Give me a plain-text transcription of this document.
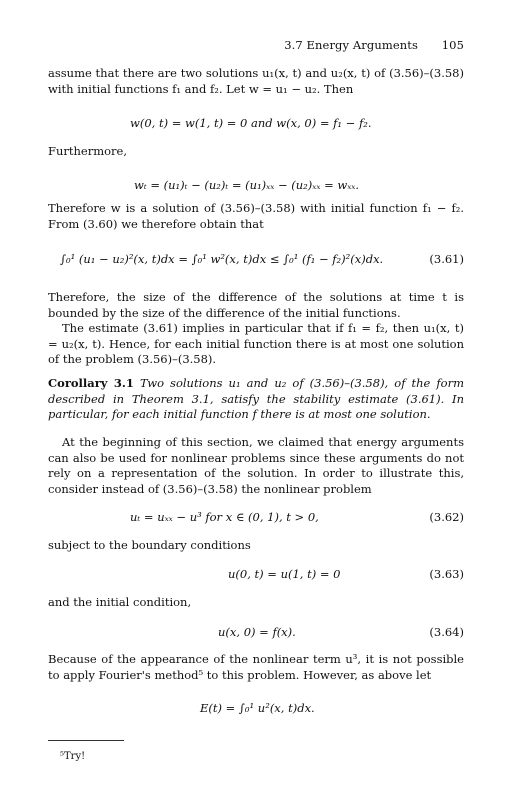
3.7 Energy Arguments 105
assume that there are two solutions u₁(x, t) and u₂(x, t) of (3.56)–(3.58) with initial functions f₁ and f₂. Let w = u₁ − u₂. Then
w(0, t) = w(1, t) = 0 and w(x, 0) = f₁ − f₂.
Furthermore,
wₜ = (u₁)ₜ − (u₂)ₜ = (u₁)ₓₓ − (u₂)ₓₓ = wₓₓ.
Therefore w is a solution of (3.56)–(3.58) with initial function f₁ − f₂. From (3.60) we therefore obtain that
∫₀¹ (u₁ − u₂)²(x, t)dx = ∫₀¹ w²(x, t)dx ≤ ∫₀¹ (f₁ − f₂)²(x)dx.	(3.61)
Therefore, the size of the difference of the solutions at time t is bounded by the size of the difference of the initial functions.
The estimate (3.61) implies in particular that if f₁ = f₂, then u₁(x, t) = u₂(x, t). Hence, for each initial function there is at most one solution of the problem (3.56)–(3.58).
Corollary 3.1 Two solutions u₁ and u₂ of (3.56)–(3.58), of the form described in Theorem 3.1, satisfy the stability estimate (3.61). In particular, for each initial function f there is at most one solution.
At the beginning of this section, we claimed that energy arguments can also be used for nonlinear problems since these arguments do not rely on a representation of the solution. In order to illustrate this, consider instead of (3.56)–(3.58) the nonlinear problem
uₜ = uₓₓ − u³ for x ∈ (0, 1), t > 0,	(3.62)
subject to the boundary conditions
u(0, t) = u(1, t) = 0	(3.63)
and the initial condition,
u(x, 0) = f(x).	(3.64)
Because of the appearance of the nonlinear term u³, it is not possible to apply Fourier's method⁵ to this problem. However, as above let
E(t) = ∫₀¹ u²(x, t)dx.
⁵Try!
